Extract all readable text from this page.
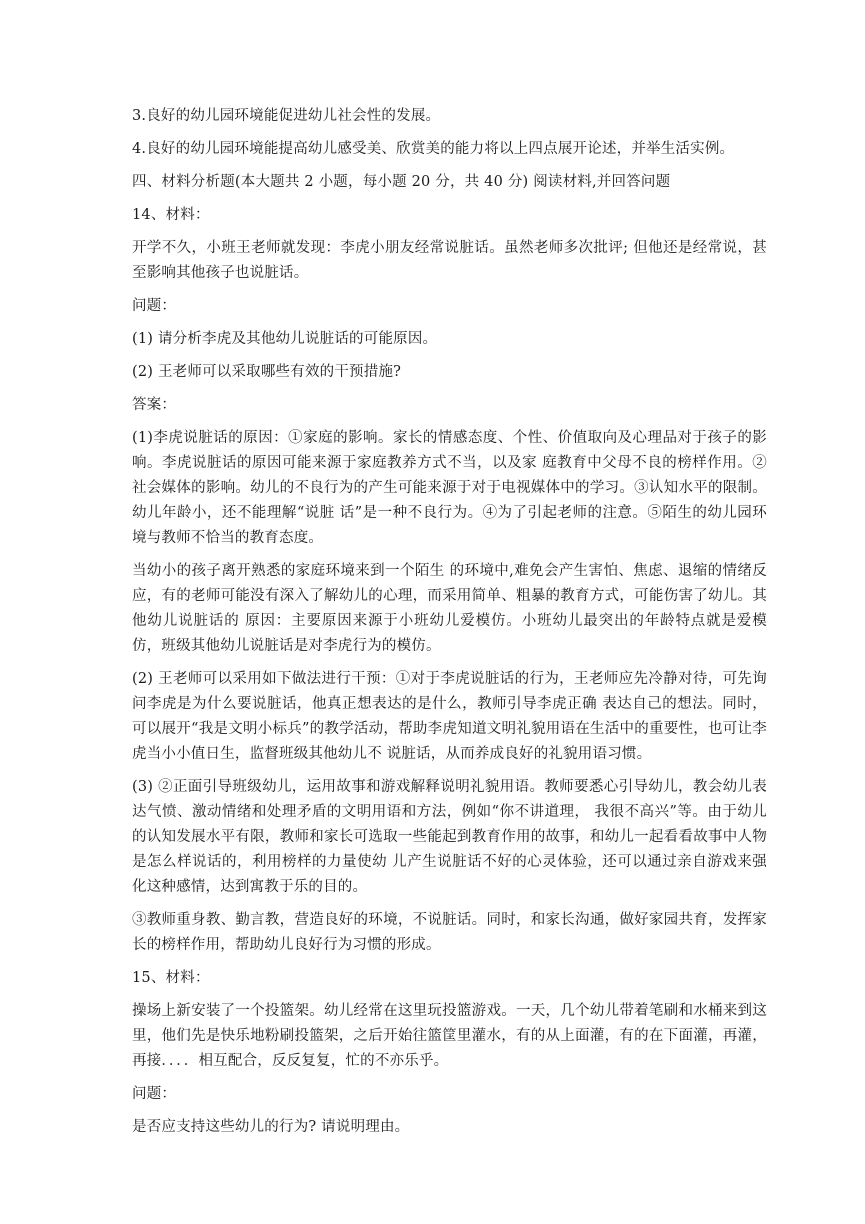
3.良好的幼儿园环境能促进幼儿社会性的发展。

4.良好的幼儿园环境能提高幼儿感受美、欣赏美的能力将以上四点展开论述，并举生活实例。

四、材料分析题(本大题共 2 小题，每小题 20 分，共 40 分) 阅读材料,并回答问题

14、材料：

开学不久，小班王老师就发现：李虎小朋友经常说脏话。虽然老师多次批评; 但他还是经常说，甚至影响其他孩子也说脏话。

问题：

(1) 请分析李虎及其他幼儿说脏话的可能原因。

(2) 王老师可以采取哪些有效的干预措施?

答案：

(1)李虎说脏话的原因：①家庭的影响。家长的情感态度、个性、价值取向及心理品对于孩子的影响。李虎说脏话的原因可能来源于家庭教养方式不当，以及家 庭教育中父母不良的榜样作用。②社会媒体的影响。幼儿的不良行为的产生可能来源于对于电视媒体中的学习。③认知水平的限制。幼儿年龄小，还不能理解“说脏 话”是一种不良行为。④为了引起老师的注意。⑤陌生的幼儿园环境与教师不恰当的教育态度。

当幼小的孩子离开熟悉的家庭环境来到一个陌生 的环境中,难免会产生害怕、焦虑、退缩的情绪反应，有的老师可能没有深入了解幼儿的心理，而采用简单、粗暴的教育方式，可能伤害了幼儿。其他幼儿说脏话的 原因：主要原因来源于小班幼儿爱模仿。小班幼儿最突出的年龄特点就是爱模仿，班级其他幼儿说脏话是对李虎行为的模仿。

(2) 王老师可以采用如下做法进行干预：①对于李虎说脏话的行为，王老师应先冷静对待，可先询问李虎是为什么要说脏话，他真正想表达的是什么，教师引导李虎正确 表达自己的想法。同时，可以展开“我是文明小标兵”的教学活动，帮助李虎知道文明礼貌用语在生活中的重要性，也可让李虎当小小值日生，监督班级其他幼儿不 说脏话，从而养成良好的礼貌用语习惯。

(3) ②正面引导班级幼儿，运用故事和游戏解释说明礼貌用语。教师要悉心引导幼儿，教会幼儿表达气愤、激动情绪和处理矛盾的文明用语和方法，例如“你不讲道理， 我很不高兴”等。由于幼儿的认知发展水平有限，教师和家长可选取一些能起到教育作用的故事，和幼儿一起看看故事中人物是怎么样说话的，利用榜样的力量使幼 儿产生说脏话不好的心灵体验，还可以通过亲自游戏来强化这种感情，达到寓教于乐的目的。

③教师重身教、勤言教，营造良好的环境，不说脏话。同时，和家长沟通，做好家园共育，发挥家长的榜样作用，帮助幼儿良好行为习惯的形成。

15、材料：

操场上新安装了一个投篮架。幼儿经常在这里玩投篮游戏。一天，几个幼儿带着笔刷和水桶来到这里，他们先是快乐地粉刷投篮架，之后开始往篮筐里灌水，有的从上面灌，有的在下面灌，再灌，再接．．．．相互配合，反反复复，忙的不亦乐乎。

问题：

是否应支持这些幼儿的行为? 请说明理由。
